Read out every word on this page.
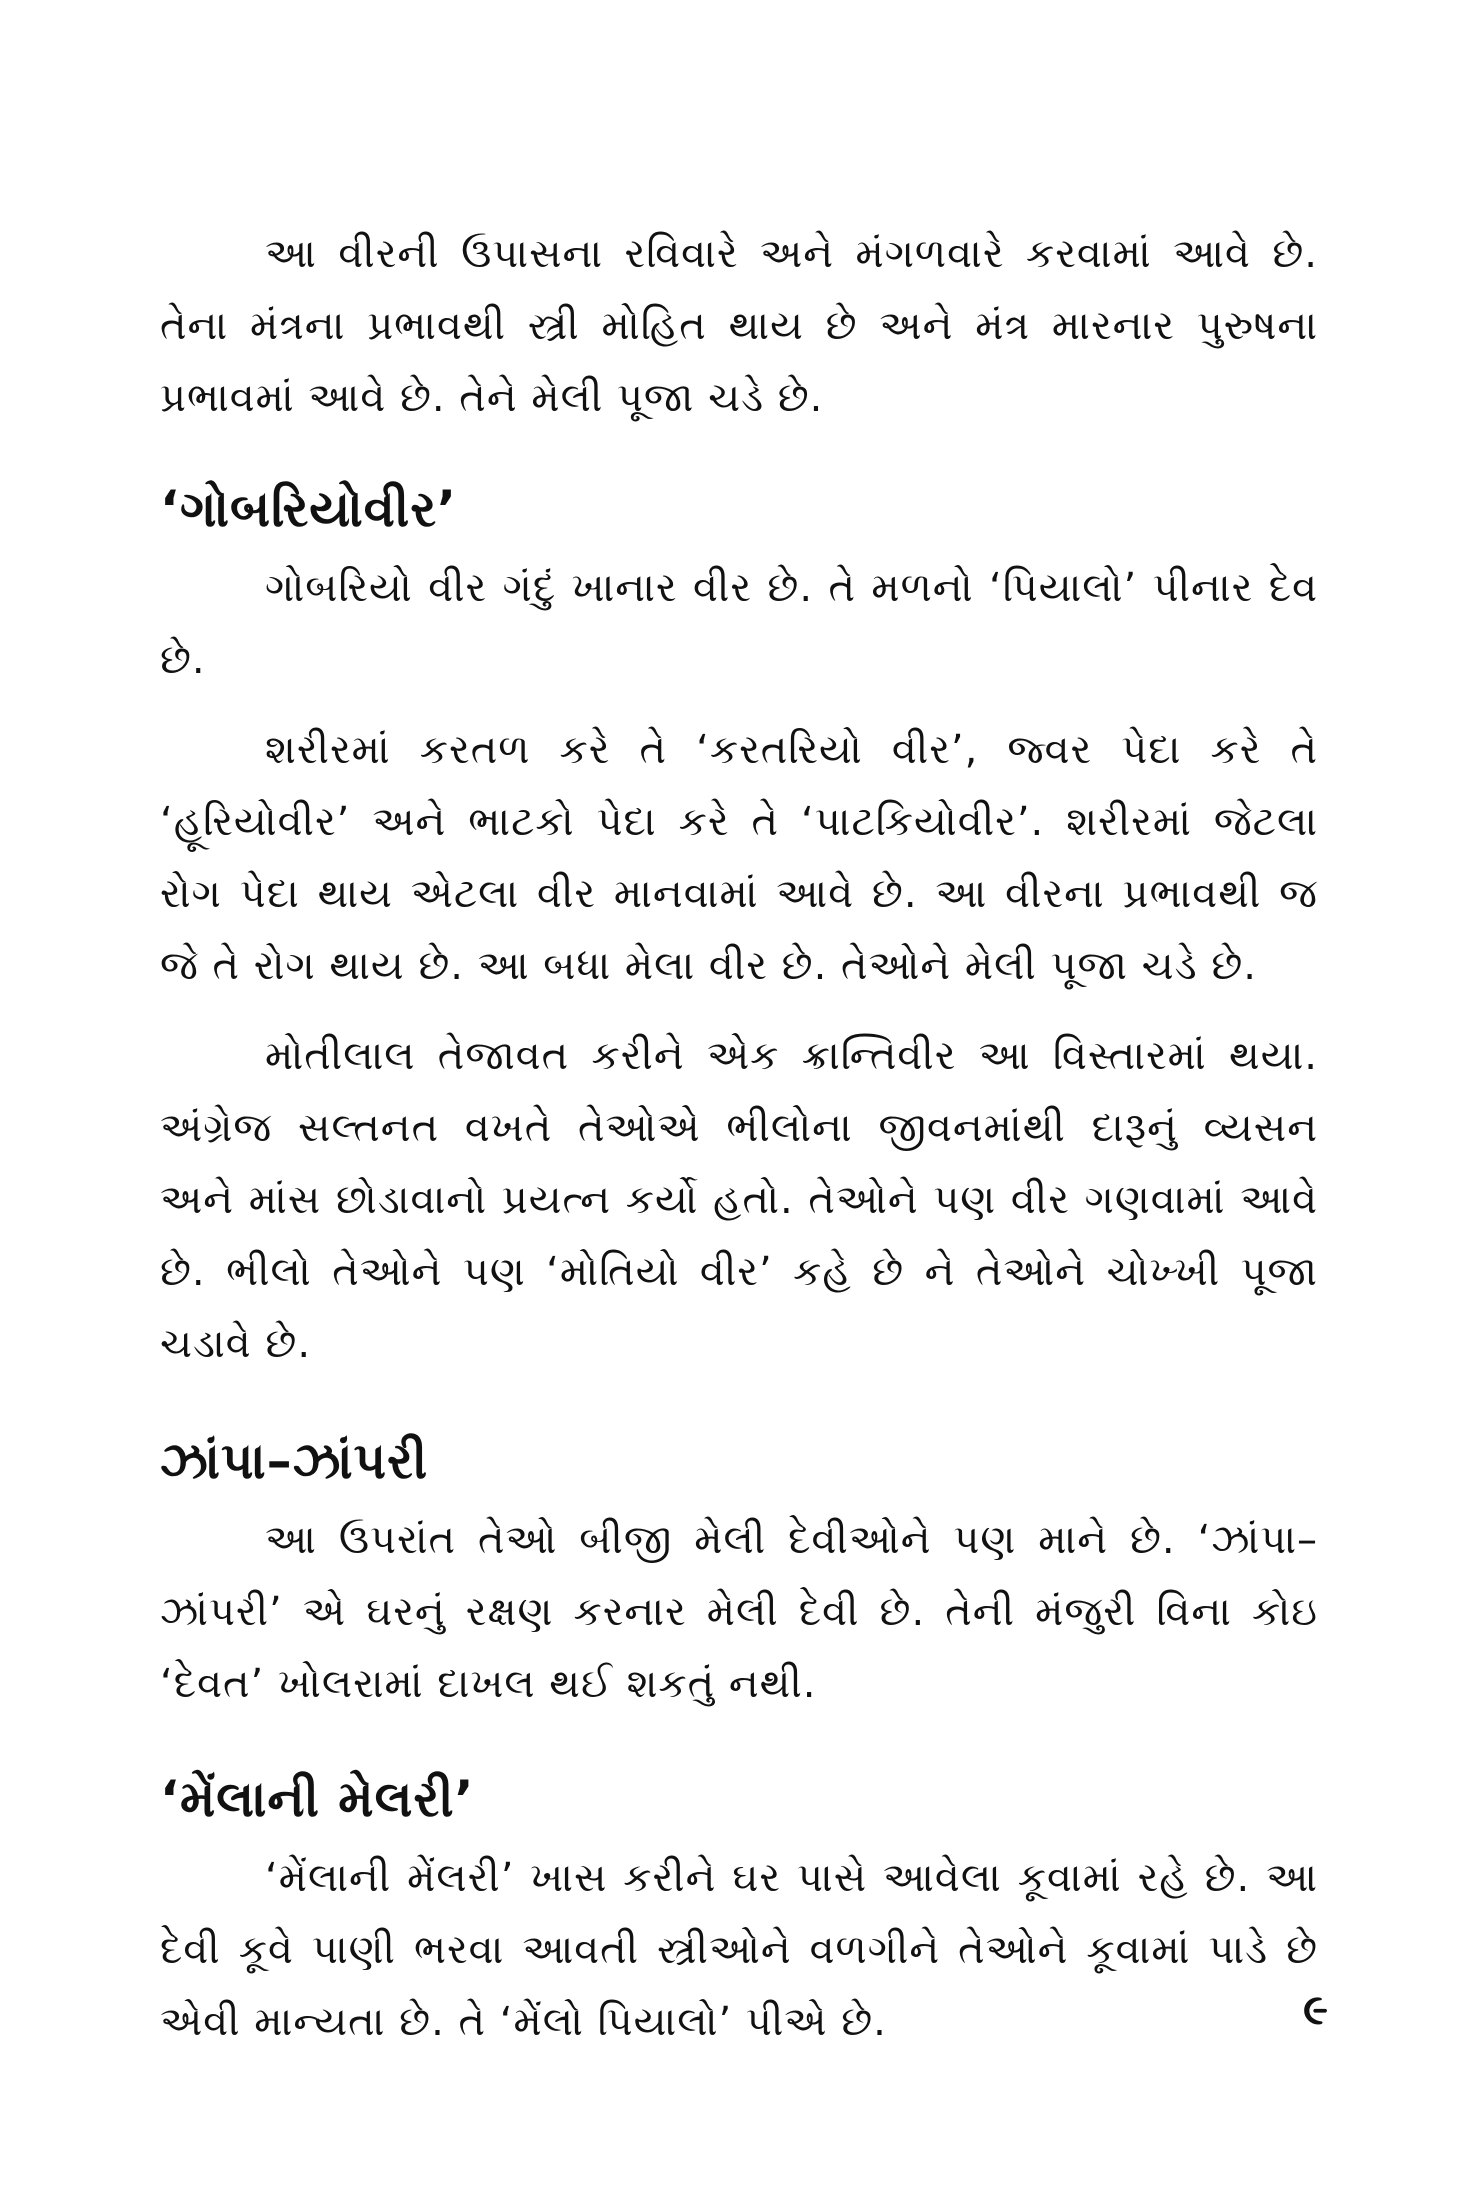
આ વીરની ઉપાસના રવિવારે અને મંગળવારે કરવામાં આવે છે. તેના મંત્રના પ્રભાવથી સ્ત્રી મોહિત થાય છે અને મંત્ર મારનાર પુરુષના પ્રભાવમાં આવે છે. તેને મેલી પૂજા ચડે છે.

‘ગોબરિયોવીર’

ગોબરિયો વીર ગંદું ખાનાર વીર છે. તે મળનો ‘પિયાલો’ પીનાર દેવ છે.

શરીરમાં કરતળ કરે તે ‘કરતરિયો વીર’, જ્વર પેદા કરે તે ‘હૂરિયોવીર’ અને ભાટકો પેદા કરે તે ‘પાટકિયોવીર’. શરીરમાં જેટલા રોગ પેદા થાય એટલા વીર માનવામાં આવે છે. આ વીરના પ્રભાવથી જ જે તે રોગ થાય છે. આ બધા મેલા વીર છે. તેઓને મેલી પૂજા ચડે છે.

મોતીલાલ તેજાવત કરીને એક ક્રાન્તિવીર આ વિસ્તારમાં થયા. અંગ્રેજ સલ્તનત વખતે તેઓએ ભીલોના જીવનમાંથી દારૂનું વ્યસન અને માંસ છોડાવાનો પ્રયત્ન કર્યો હતો. તેઓને પણ વીર ગણવામાં આવે છે. ભીલો તેઓને પણ ‘મોતિયો વીર’ કહે છે ને તેઓને ચોખ્ખી પૂજા ચડાવે છે.

ઝાંપા–ઝાંપરી

આ ઉપરાંત તેઓ બીજી મેલી દેવીઓને પણ માને છે. ‘ઝાંપા–ઝાંપરી’ એ ઘરનું રક્ષણ કરનાર મેલી દેવી છે. તેની મંજુરી વિના કોઇ ‘દેવત’ ખોલરામાં દાખલ થઈ શકતું નથી.

‘મેંલાની મેલરી’

‘મેંલાની મેંલરી’ ખાસ કરીને ઘર પાસે આવેલા કૂવામાં રહે છે. આ દેવી કૂવે પાણી ભરવા આવતી સ્ત્રીઓને વળગીને તેઓને કૂવામાં પાડે છે એવી માન્યતા છે. તે ‘મેંલો પિયાલો’ પીએ છે.	૯
